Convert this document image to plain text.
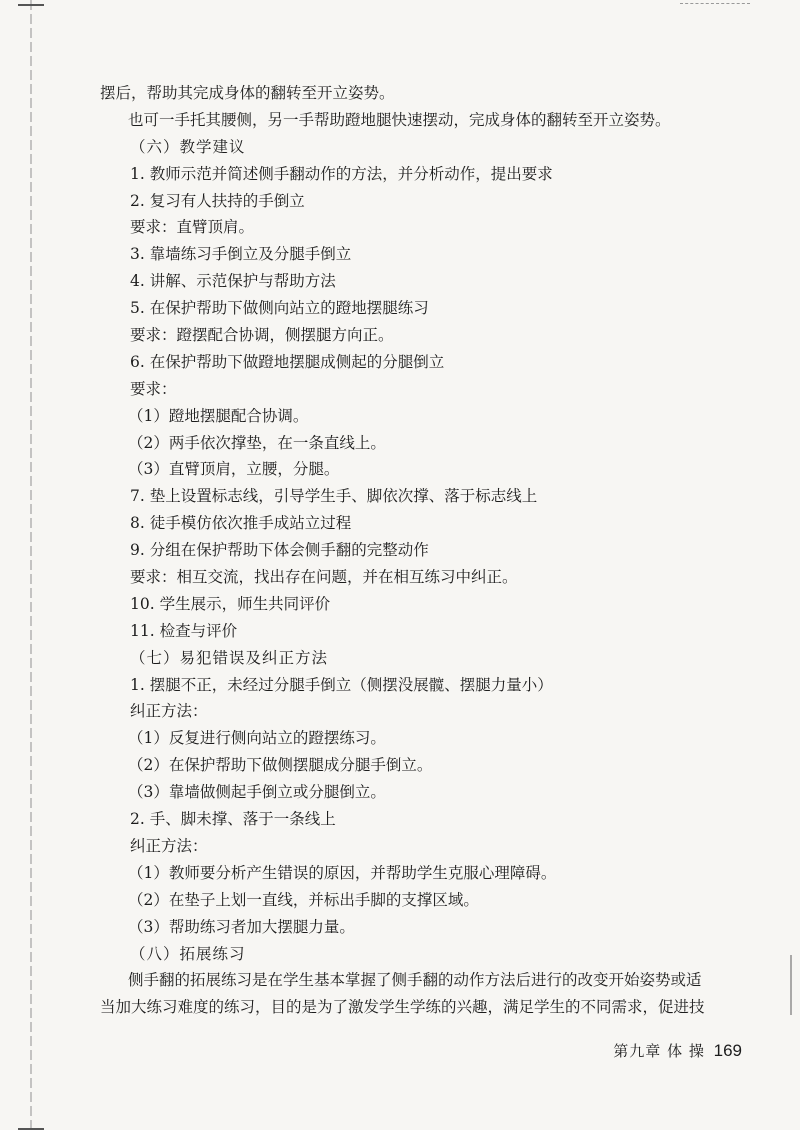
摆后，帮助其完成身体的翻转至开立姿势。
也可一手托其腰侧，另一手帮助蹬地腿快速摆动，完成身体的翻转至开立姿势。
（六）教学建议
1. 教师示范并简述侧手翻动作的方法，并分析动作，提出要求
2. 复习有人扶持的手倒立
要求：直臂顶肩。
3. 靠墙练习手倒立及分腿手倒立
4. 讲解、示范保护与帮助方法
5. 在保护帮助下做侧向站立的蹬地摆腿练习
要求：蹬摆配合协调，侧摆腿方向正。
6. 在保护帮助下做蹬地摆腿成侧起的分腿倒立
要求：
（1）蹬地摆腿配合协调。
（2）两手依次撑垫，在一条直线上。
（3）直臂顶肩，立腰，分腿。
7. 垫上设置标志线，引导学生手、脚依次撑、落于标志线上
8. 徒手模仿依次推手成站立过程
9. 分组在保护帮助下体会侧手翻的完整动作
要求：相互交流，找出存在问题，并在相互练习中纠正。
10. 学生展示，师生共同评价
11. 检查与评价
（七）易犯错误及纠正方法
1. 摆腿不正，未经过分腿手倒立（侧摆没展髋、摆腿力量小）
纠正方法：
（1）反复进行侧向站立的蹬摆练习。
（2）在保护帮助下做侧摆腿成分腿手倒立。
（3）靠墙做侧起手倒立或分腿倒立。
2. 手、脚未撑、落于一条线上
纠正方法：
（1）教师要分析产生错误的原因，并帮助学生克服心理障碍。
（2）在垫子上划一直线，并标出手脚的支撑区域。
（3）帮助练习者加大摆腿力量。
（八）拓展练习
侧手翻的拓展练习是在学生基本掌握了侧手翻的动作方法后进行的改变开始姿势或适
当加大练习难度的练习，目的是为了激发学生学练的兴趣，满足学生的不同需求，促进技
第九章 体 操 169
